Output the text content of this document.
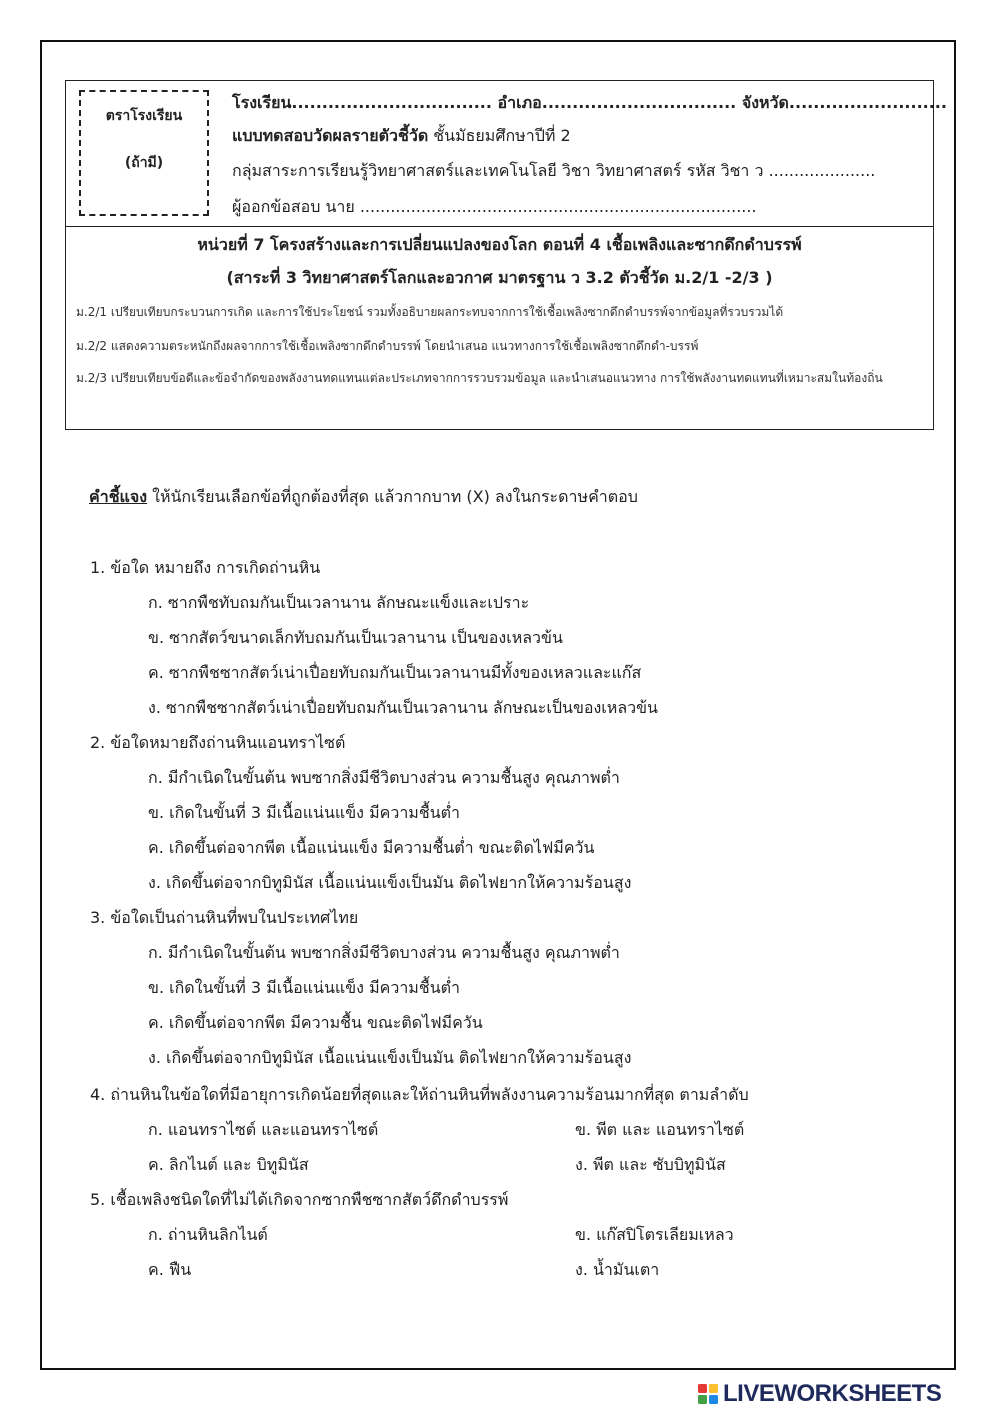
ตราโรงเรียน
(ถ้ามี)
โรงเรียน................................. อำเภอ................................ จังหวัด..........................
แบบทดสอบวัดผลรายตัวชี้วัด ชั้นมัธยมศึกษาปีที่ 2
กลุ่มสาระการเรียนรู้วิทยาศาสตร์และเทคโนโลยี วิชา วิทยาศาสตร์ รหัส วิชา ว .....................
ผู้ออกข้อสอบ นาย ..............................................................................
หน่วยที่ 7 โครงสร้างและการเปลี่ยนแปลงของโลก ตอนที่ 4 เชื้อเพลิงและซากดึกดำบรรพ์
(สาระที่ 3 วิทยาศาสตร์โลกและอวกาศ มาตรฐาน ว 3.2 ตัวชี้วัด ม.2/1 -2/3 )
ม.2/1 เปรียบเทียบกระบวนการเกิด และการใช้ประโยชน์ รวมทั้งอธิบายผลกระทบจากการใช้เชื้อเพลิงซากดึกดำบรรพ์จากข้อมูลที่รวบรวมได้
ม.2/2 แสดงความตระหนักถึงผลจากการใช้เชื้อเพลิงซากดึกดำบรรพ์ โดยนำเสนอ แนวทางการใช้เชื้อเพลิงซากดึกดำ-บรรพ์
ม.2/3 เปรียบเทียบข้อดีและข้อจำกัดของพลังงานทดแทนแต่ละประเภทจากการรวบรวมข้อมูล และนำเสนอแนวทาง การใช้พลังงานทดแทนที่เหมาะสมในท้องถิ่น
คำชี้แจง ให้นักเรียนเลือกข้อที่ถูกต้องที่สุด แล้วกากบาท (X) ลงในกระดาษคำตอบ
1. ข้อใด หมายถึง การเกิดถ่านหิน
ก. ซากพืชทับถมกันเป็นเวลานาน ลักษณะแข็งและเปราะ
ข. ซากสัตว์ขนาดเล็กทับถมกันเป็นเวลานาน เป็นของเหลวข้น
ค. ซากพืชซากสัตว์เน่าเปื่อยทับถมกันเป็นเวลานานมีทั้งของเหลวและแก๊ส
ง. ซากพืชซากสัตว์เน่าเปื่อยทับถมกันเป็นเวลานาน ลักษณะเป็นของเหลวข้น
2. ข้อใดหมายถึงถ่านหินแอนทราไซต์
ก. มีกำเนิดในขั้นต้น พบซากสิ่งมีชีวิตบางส่วน ความชื้นสูง คุณภาพต่ำ
ข. เกิดในขั้นที่ 3 มีเนื้อแน่นแข็ง มีความชื้นต่ำ
ค. เกิดขึ้นต่อจากพีต เนื้อแน่นแข็ง มีความชื้นต่ำ ขณะติดไฟมีควัน
ง. เกิดขึ้นต่อจากบิทูมินัส เนื้อแน่นแข็งเป็นมัน ติดไฟยากให้ความร้อนสูง
3. ข้อใดเป็นถ่านหินที่พบในประเทศไทย
ก. มีกำเนิดในขั้นต้น พบซากสิ่งมีชีวิตบางส่วน ความชื้นสูง คุณภาพต่ำ
ข. เกิดในขั้นที่ 3 มีเนื้อแน่นแข็ง มีความชื้นต่ำ
ค. เกิดขึ้นต่อจากพีต มีความชื้น ขณะติดไฟมีควัน
ง. เกิดขึ้นต่อจากบิทูมินัส เนื้อแน่นแข็งเป็นมัน ติดไฟยากให้ความร้อนสูง
4. ถ่านหินในข้อใดที่มีอายุการเกิดน้อยที่สุดและให้ถ่านหินที่พลังงานความร้อนมากที่สุด ตามลำดับ
ก. แอนทราไซต์ และแอนทราไซต์	ข. พีต และ แอนทราไซต์
ค. ลิกไนต์ และ บิทูมินัส	ง. พีต และ ซับบิทูมินัส
5. เชื้อเพลิงชนิดใดที่ไม่ได้เกิดจากซากพืชซากสัตว์ดึกดำบรรพ์
ก. ถ่านหินลิกไนต์	ข. แก๊สปิโตรเลียมเหลว
ค. ฟืน	ง. น้ำมันเตา
LIVEWORKSHEETS
